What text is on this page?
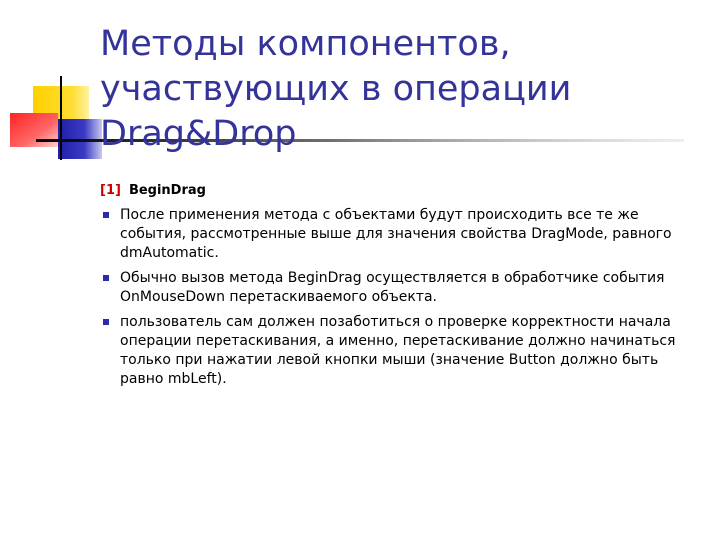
Методы компонентов,
участвующих в операции
Drag&Drop
[1] BeginDrag
После применения метода с объектами будут происходить все те же события, рассмотренные выше для значения свойства DragMode, равного dmAutomatic.
Обычно вызов метода BeginDrag осуществляется в обработчике события OnMouseDown перетаскиваемого объекта.
пользователь сам должен позаботиться о проверке корректности начала операции перетаскивания, а именно, перетаскивание должно начинаться только при нажатии левой кнопки мыши (значение Button должно быть равно mbLeft).
